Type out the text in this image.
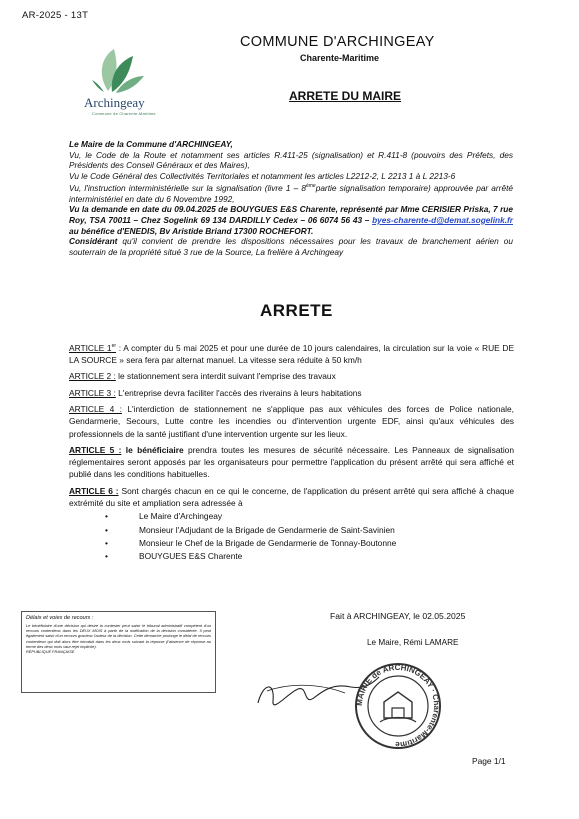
AR-2025 - 13T
Archingeay
Commune de Charente-Maritime
COMMUNE D'ARCHINGEAY
Charente-Maritime
ARRETE DU MAIRE

Le Maire de la Commune d'ARCHINGEAY,

Vu, le Code de la Route et notamment ses articles R.411-25 (signalisation) et R.411-8 (pouvoirs des Préfets, des Présidents des Conseil Généraux et des Maires),

Vu le Code Général des Collectivités Territoriales et notamment les articles L2212-2, L 2213 1 à L 2213-6

Vu, l'instruction interministérielle sur la signalisation (livre 1 – 8èmepartie signalisation temporaire) approuvée par arrêté interministériel en date du 6 Novembre 1992,

Vu la demande en date du 09.04.2025 de BOUYGUES E&S Charente, représenté par Mme CERISIER Priska, 7 rue Roy, TSA 70011 – Chez Sogelink 69 134 DARDILLY Cedex – 06 6074 56 43 – byes-charente-d@demat.sogelink.fr au bénéfice d'ENEDIS, Bv Aristide Briand 17300 ROCHEFORT.

Considérant qu'il convient de prendre les dispositions nécessaires pour les travaux de branchement aérien ou souterrain de la propriété situé 3 rue de la Source, La frelière à Archingeay

ARRETE

ARTICLE 1er : A compter du 5 mai 2025 et pour une durée de 10 jours calendaires, la circulation sur la voie « RUE DE LA SOURCE » sera fera par alternat manuel. La vitesse sera réduite à 50 km/h

ARTICLE 2 : le stationnement sera interdit suivant l'emprise des travaux

ARTICLE 3 : L'entreprise devra faciliter l'accès des riverains à leurs habitations

ARTICLE 4 : L'interdiction de stationnement ne s'applique pas aux véhicules des forces de Police nationale, Gendarmerie, Secours, Lutte contre les incendies ou d'intervention urgente EDF, ainsi qu'aux véhicules des professionnels de la santé justifiant d'une intervention urgente sur les lieux.

ARTICLE 5 : le bénéficiaire prendra toutes les mesures de sécurité nécessaire. Les Panneaux de signalisation réglementaires seront apposés par les organisateurs pour permettre l'application du présent arrêté qui sera affiché et publié dans les conditions habituelles.

ARTICLE 6 : Sont chargés chacun en ce qui le concerne, de l'application du présent arrêté qui sera affiché à chaque extrémité du site et ampliation sera adressée à

•	Le Maire d'Archingeay
•	Monsieur l'Adjudant de la Brigade de Gendarmerie de Saint-Savinien
•	Monsieur le Chef de la Brigade de Gendarmerie de Tonnay-Boutonne
•	BOUYGUES E&S Charente
Délais et voies de recours :
Le bénéficiaire d'une décision qui désire la contester peut saisir le tribunal administratif compétent d'un recours contentieux dans les DEUX MOIS à partir de la notification de la décision considérée. Il peut également saisir d'un recours gracieux l'auteur de la décision. Cette démarche prolonge le délai de recours contentieux qui doit alors être introduit dans les deux mois suivant la réponse (l'absence de réponse au terme des deux mois vaut rejet implicite).
RÉPUBLIQUE FRANÇAISE
Fait à ARCHINGEAY, le 02.05.2025
Le Maire, Rémi LAMARE
MAIRIE de ARCHINGEAY · Charente-Maritime
Page 1/1
